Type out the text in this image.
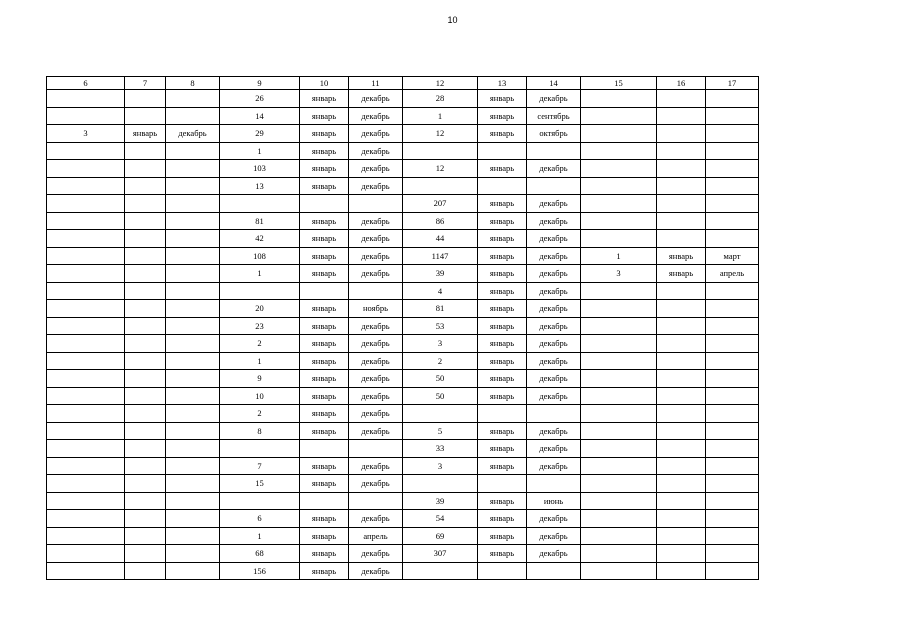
10
6	7	8	9	10	11	12	13	14	15	16	17
			26	январь	декабрь	28	январь	декабрь			
			14	январь	декабрь	1	январь	сентябрь			
3	январь	декабрь	29	январь	декабрь	12	январь	октябрь			
			1	январь	декабрь						
			103	январь	декабрь	12	январь	декабрь			
			13	январь	декабрь						
						207	январь	декабрь			
			81	январь	декабрь	86	январь	декабрь			
			42	январь	декабрь	44	январь	декабрь			
			108	январь	декабрь	1147	январь	декабрь	1	январь	март
			1	январь	декабрь	39	январь	декабрь	3	январь	апрель
						4	январь	декабрь			
			20	январь	ноябрь	81	январь	декабрь			
			23	январь	декабрь	53	январь	декабрь			
			2	январь	декабрь	3	январь	декабрь			
			1	январь	декабрь	2	январь	декабрь			
			9	январь	декабрь	50	январь	декабрь			
			10	январь	декабрь	50	январь	декабрь			
			2	январь	декабрь						
			8	январь	декабрь	5	январь	декабрь			
						33	январь	декабрь			
			7	январь	декабрь	3	январь	декабрь			
			15	январь	декабрь						
						39	январь	июнь			
			6	январь	декабрь	54	январь	декабрь			
			1	январь	апрель	69	январь	декабрь			
			68	январь	декабрь	307	январь	декабрь			
			156	январь	декабрь						
